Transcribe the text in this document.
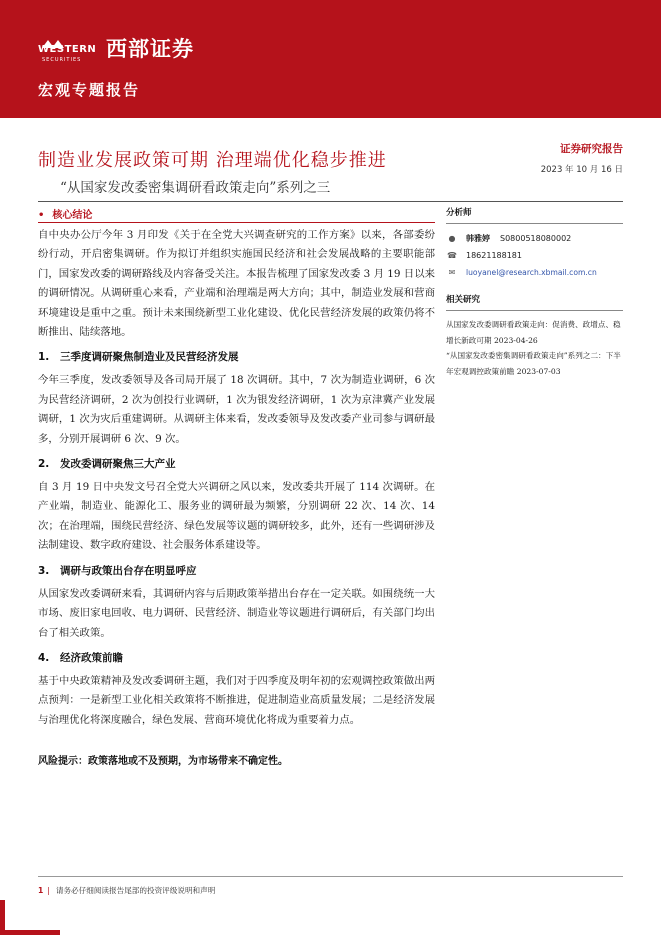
WESTERN
SECURITIES 西部证券
宏观专题报告
制造业发展政策可期 治理端优化稳步推进
“从国家发改委密集调研看政策走向”系列之三
证券研究报告
2023 年 10 月 16 日
• 核心结论

自中央办公厅今年 3 月印发《关于在全党大兴调查研究的工作方案》以来，各部委纷纷行动，开启密集调研。作为拟订并组织实施国民经济和社会发展战略的主要职能部门，国家发改委的调研路线及内容备受关注。本报告梳理了国家发改委 3 月 19 日以来的调研情况。从调研重心来看，产业端和治理端是两大方向；其中，制造业发展和营商环境建设是重中之重。预计未来围绕新型工业化建设、优化民营经济发展的政策仍将不断推出、陆续落地。

1. 三季度调研聚焦制造业及民营经济发展

今年三季度，发改委领导及各司局开展了 18 次调研。其中，7 次为制造业调研，6 次为民营经济调研，2 次为创投行业调研，1 次为银发经济调研，1 次为京津冀产业发展调研，1 次为灾后重建调研。从调研主体来看，发改委领导及发改委产业司参与调研最多，分别开展调研 6 次、9 次。

2. 发改委调研聚焦三大产业

自 3 月 19 日中央发文号召全党大兴调研之风以来，发改委共开展了 114 次调研。在产业端，制造业、能源化工、服务业的调研最为频繁，分别调研 22 次、14 次、14 次；在治理端，围绕民营经济、绿色发展等议题的调研较多，此外，还有一些调研涉及法制建设、数字政府建设、社会服务体系建设等。

3. 调研与政策出台存在明显呼应

从国家发改委调研来看，其调研内容与后期政策举措出台存在一定关联。如围绕统一大市场、废旧家电回收、电力调研、民营经济、制造业等议题进行调研后，有关部门均出台了相关政策。

4. 经济政策前瞻

基于中央政策精神及发改委调研主题，我们对于四季度及明年初的宏观调控政策做出两点预判：一是新型工业化相关政策将不断推进，促进制造业高质量发展；二是经济发展与治理优化将深度融合，绿色发展、营商环境优化将成为重要着力点。

风险提示：政策落地或不及预期，为市场带来不确定性。

分析师

●	韩雅婷 S0800518080002
☎ 18621188181
✉	luoyanel@research.xbmail.com.cn

相关研究

从国家发改委调研看政策走向：促消费、政增点、稳增长新政可期 2023-04-26

“从国家发改委密集调研看政策走向”系列之二：下半年宏观调控政策前瞻 2023-07-03

1 | 请务必仔细阅读报告尾部的投资评级说明和声明
